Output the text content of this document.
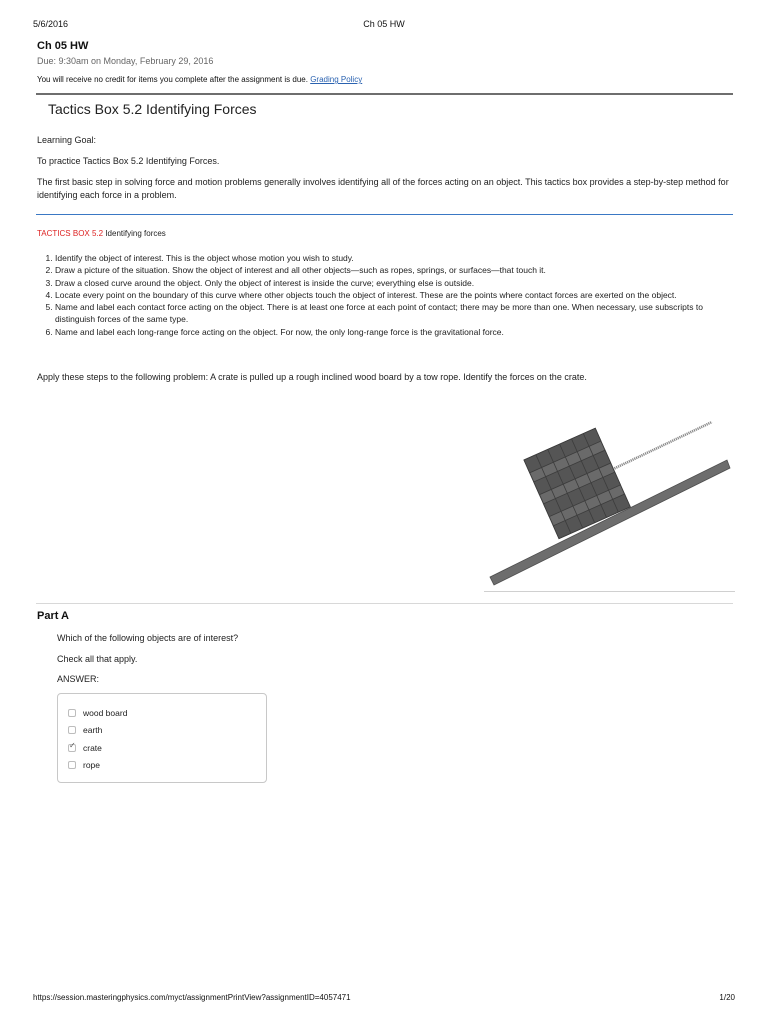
5/6/2016	Ch 05 HW
Ch 05 HW
Due: 9:30am on Monday, February 29, 2016
You will receive no credit for items you complete after the assignment is due. Grading Policy
Tactics Box 5.2 Identifying Forces
Learning Goal:
To practice Tactics Box 5.2 Identifying Forces.
The first basic step in solving force and motion problems generally involves identifying all of the forces acting on an object. This tactics box provides a step-by-step method for identifying each force in a problem.
TACTICS BOX 5.2 Identifying forces
1. Identify the object of interest. This is the object whose motion you wish to study.
2. Draw a picture of the situation. Show the object of interest and all other objects—such as ropes, springs, or surfaces—that touch it.
3. Draw a closed curve around the object. Only the object of interest is inside the curve; everything else is outside.
4. Locate every point on the boundary of this curve where other objects touch the object of interest. These are the points where contact forces are exerted on the object.
5. Name and label each contact force acting on the object. There is at least one force at each point of contact; there may be more than one. When necessary, use subscripts to distinguish forces of the same type.
6. Name and label each long-range force acting on the object. For now, the only long-range force is the gravitational force.
Apply these steps to the following problem: A crate is pulled up a rough inclined wood board by a tow rope. Identify the forces on the crate.
Part A
Which of the following objects are of interest?
Check all that apply.
ANSWER:
wood board
earth
✓
crate
rope
https://session.masteringphysics.com/myct/assignmentPrintView?assignmentID=4057471	1/20
